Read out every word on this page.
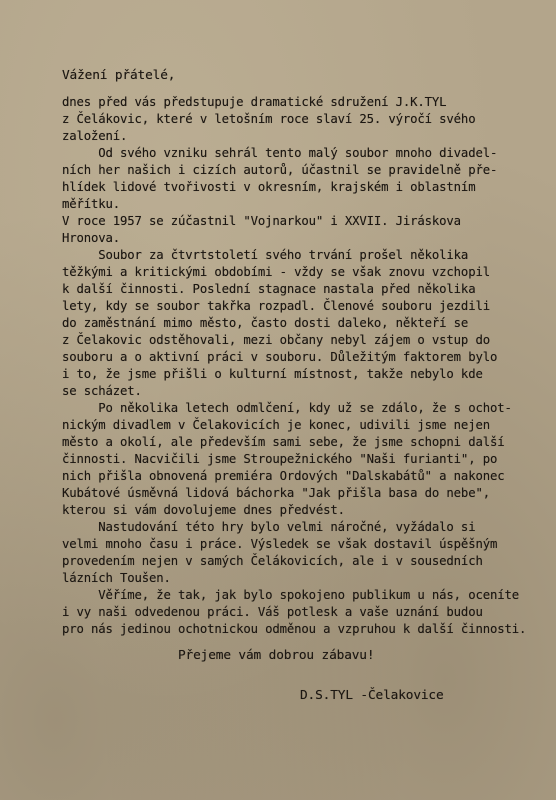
Vážení přátelé,
dnes před vás předstupuje dramatické sdružení J.K.TYL
z Čelákovic, které v letošním roce slaví 25. výročí svého
založení.
Od svého vzniku sehrál tento malý soubor mnoho divadel-
ních her našich i cizích autorů, účastnil se pravidelně pře-
hlídek lidové tvořivosti v okresním, krajském i oblastním
měřítku.
V roce 1957 se zúčastnil "Vojnarkou" i XXVII. Jiráskova
Hronova.
Soubor za čtvrtstoletí svého trvání prošel několika
těžkými a kritickými obdobími - vždy se však znovu vzchopil
k další činnosti. Poslední stagnace nastala před několika
lety, kdy se soubor takřka rozpadl. Členové souboru jezdili
do zaměstnání mimo město, často dosti daleko, někteří se
z Čelakovic odstěhovali, mezi občany nebyl zájem o vstup do
souboru a o aktivní práci v souboru. Důležitým faktorem bylo
i to, že jsme přišli o kulturní místnost, takže nebylo kde
se scházet.
Po několika letech odmlčení, kdy už se zdálo, že s ochot-
nickým divadlem v Čelakovicích je konec, udivili jsme nejen
město a okolí, ale především sami sebe, že jsme schopni další
činnosti. Nacvičili jsme Stroupežnického "Naši furianti", po
nich přišla obnovená premiéra Ordových "Dalskabátů" a nakonec
Kubátové úsměvná lidová báchorka "Jak přišla basa do nebe",
kterou si vám dovolujeme dnes předvést.
Nastudování této hry bylo velmi náročné, vyžádalo si
velmi mnoho času i práce. Výsledek se však dostavil úspěšným
provedením nejen v samých Čelákovicích, ale i v sousedních
lázních Toušen.
Věříme, že tak, jak bylo spokojeno publikum u nás, oceníte
i vy naši odvedenou práci. Váš potlesk a vaše uznání budou
pro nás jedinou ochotnickou odměnou a vzpruhou k další činnosti.
Přejeme vám dobrou zábavu!
D.S.TYL -Čelakovice
